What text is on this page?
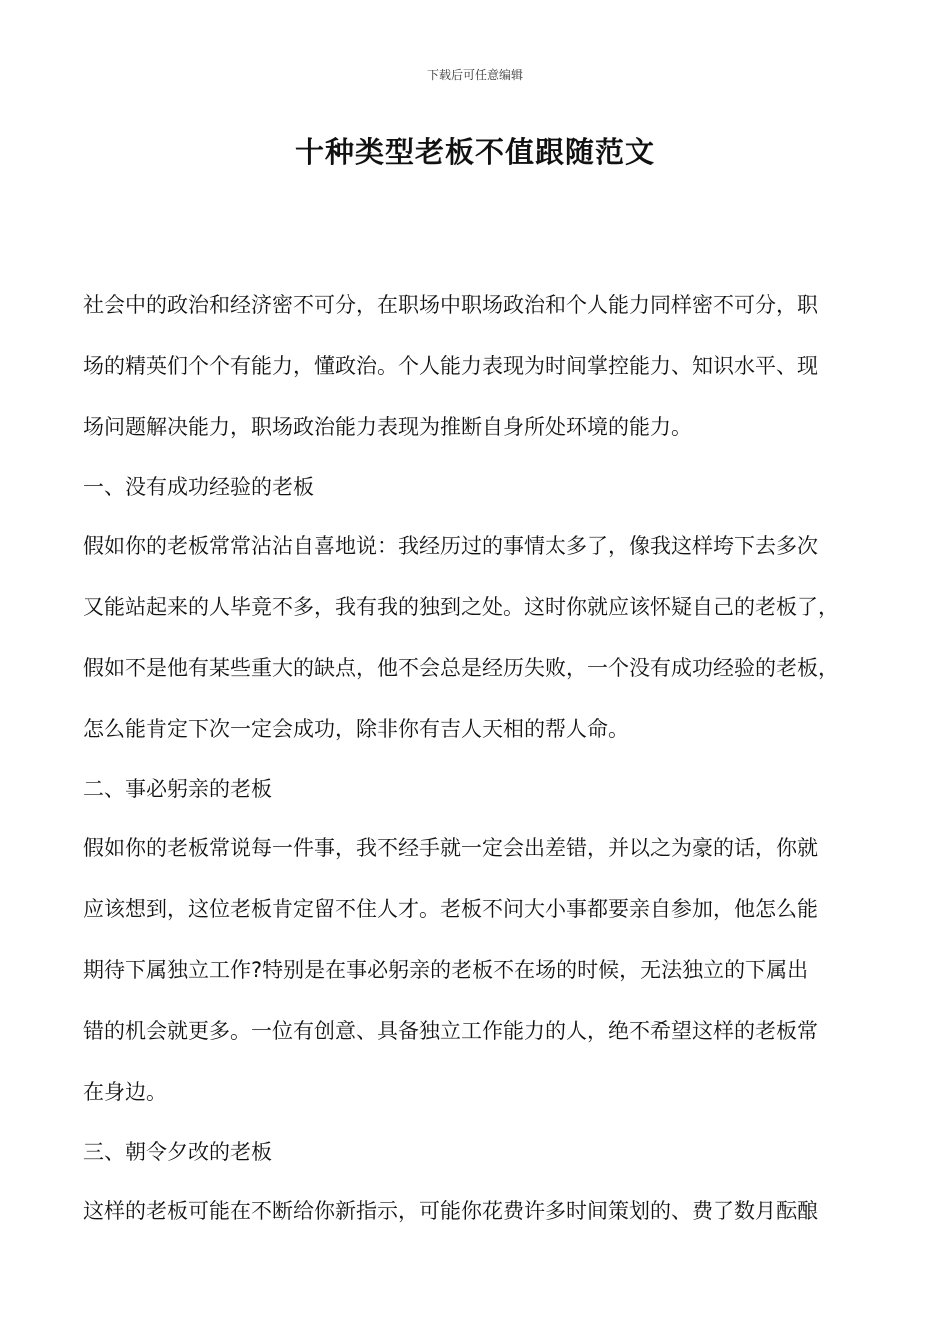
下载后可任意编辑
十种类型老板不值跟随范文

社会中的政治和经济密不可分，在职场中职场政治和个人能力同样密不可分，职
场的精英们个个有能力，懂政治。个人能力表现为时间掌控能力、知识水平、现
场问题解决能力，职场政治能力表现为推断自身所处环境的能力。

一、没有成功经验的老板

假如你的老板常常沾沾自喜地说：我经历过的事情太多了，像我这样垮下去多次
又能站起来的人毕竟不多，我有我的独到之处。这时你就应该怀疑自己的老板了，
假如不是他有某些重大的缺点，他不会总是经历失败，一个没有成功经验的老板，
怎么能肯定下次一定会成功，除非你有吉人天相的帮人命。

二、事必躬亲的老板

假如你的老板常说每一件事，我不经手就一定会出差错，并以之为豪的话，你就
应该想到，这位老板肯定留不住人才。老板不问大小事都要亲自参加，他怎么能
期待下属独立工作?特别是在事必躬亲的老板不在场的时候，无法独立的下属出
错的机会就更多。一位有创意、具备独立工作能力的人，绝不希望这样的老板常
在身边。

三、朝令夕改的老板

这样的老板可能在不断给你新指示，可能你花费许多时间策划的、费了数月酝酿
